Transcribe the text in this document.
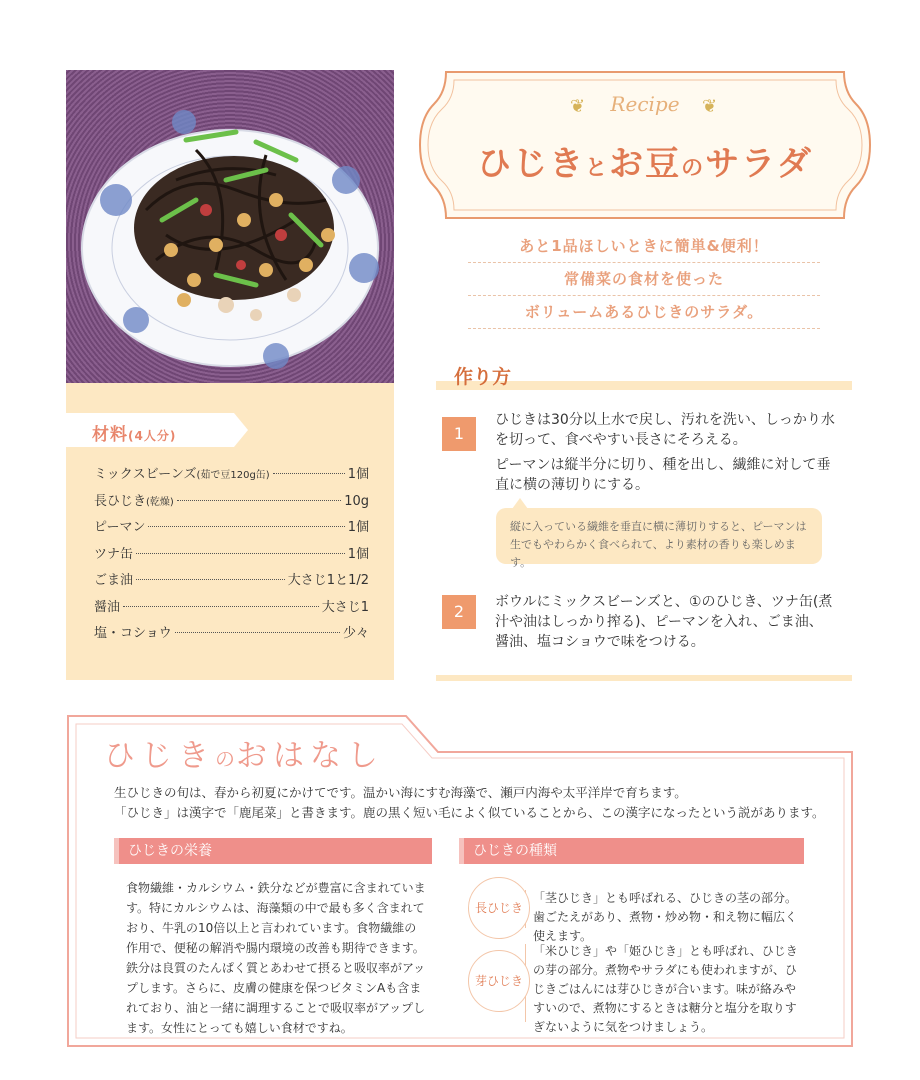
材料(4人分)
ミックスビーンズ(茹で豆120g缶)	1個
長ひじき(乾燥)	10g
ピーマン	1個
ツナ缶	1個
ごま油	大さじ1と1/2
醤油	大さじ1
塩・コショウ	少々
❦	Recipe	❦
ひじきとお豆のサラダ
あと1品ほしいときに簡単&便利！
常備菜の食材を使った
ボリュームあるひじきのサラダ。
作り方
1
ひじきは30分以上水で戻し、汚れを洗い、しっかり水を切って、食べやすい長さにそろえる。
ピーマンは縦半分に切り、種を出し、繊維に対して垂直に横の薄切りにする。
縦に入っている繊維を垂直に横に薄切りすると、ピーマンは生でもやわらかく食べられて、より素材の香りも楽しめます。
2	ボウルにミックスビーンズと、①のひじき、ツナ缶(煮汁や油はしっかり搾る)、ピーマンを入れ、ごま油、醤油、塩コショウで味をつける。
ひじきのおはなし
生ひじきの旬は、春から初夏にかけてです。温かい海にすむ海藻で、瀬戸内海や太平洋岸で育ちます。
「ひじき」は漢字で「鹿尾菜」と書きます。鹿の黒く短い毛によく似ていることから、この漢字になったという説があります。
ひじきの栄養
食物繊維・カルシウム・鉄分などが豊富に含まれています。特にカルシウムは、海藻類の中で最も多く含まれており、牛乳の10倍以上と言われています。食物繊維の作用で、便秘の解消や腸内環境の改善も期待できます。鉄分は良質のたんぱく質とあわせて摂ると吸収率がアップします。さらに、皮膚の健康を保つビタミンAも含まれており、油と一緒に調理することで吸収率がアップします。女性にとっても嬉しい食材ですね。
ひじきの種類
長ひじき
「茎ひじき」とも呼ばれる、ひじきの茎の部分。歯ごたえがあり、煮物・炒め物・和え物に幅広く使えます。
芽ひじき
「米ひじき」や「姫ひじき」とも呼ばれ、ひじきの芽の部分。煮物やサラダにも使われますが、ひじきごはんには芽ひじきが合います。味が絡みやすいので、煮物にするときは糖分と塩分を取りすぎないように気をつけましょう。
